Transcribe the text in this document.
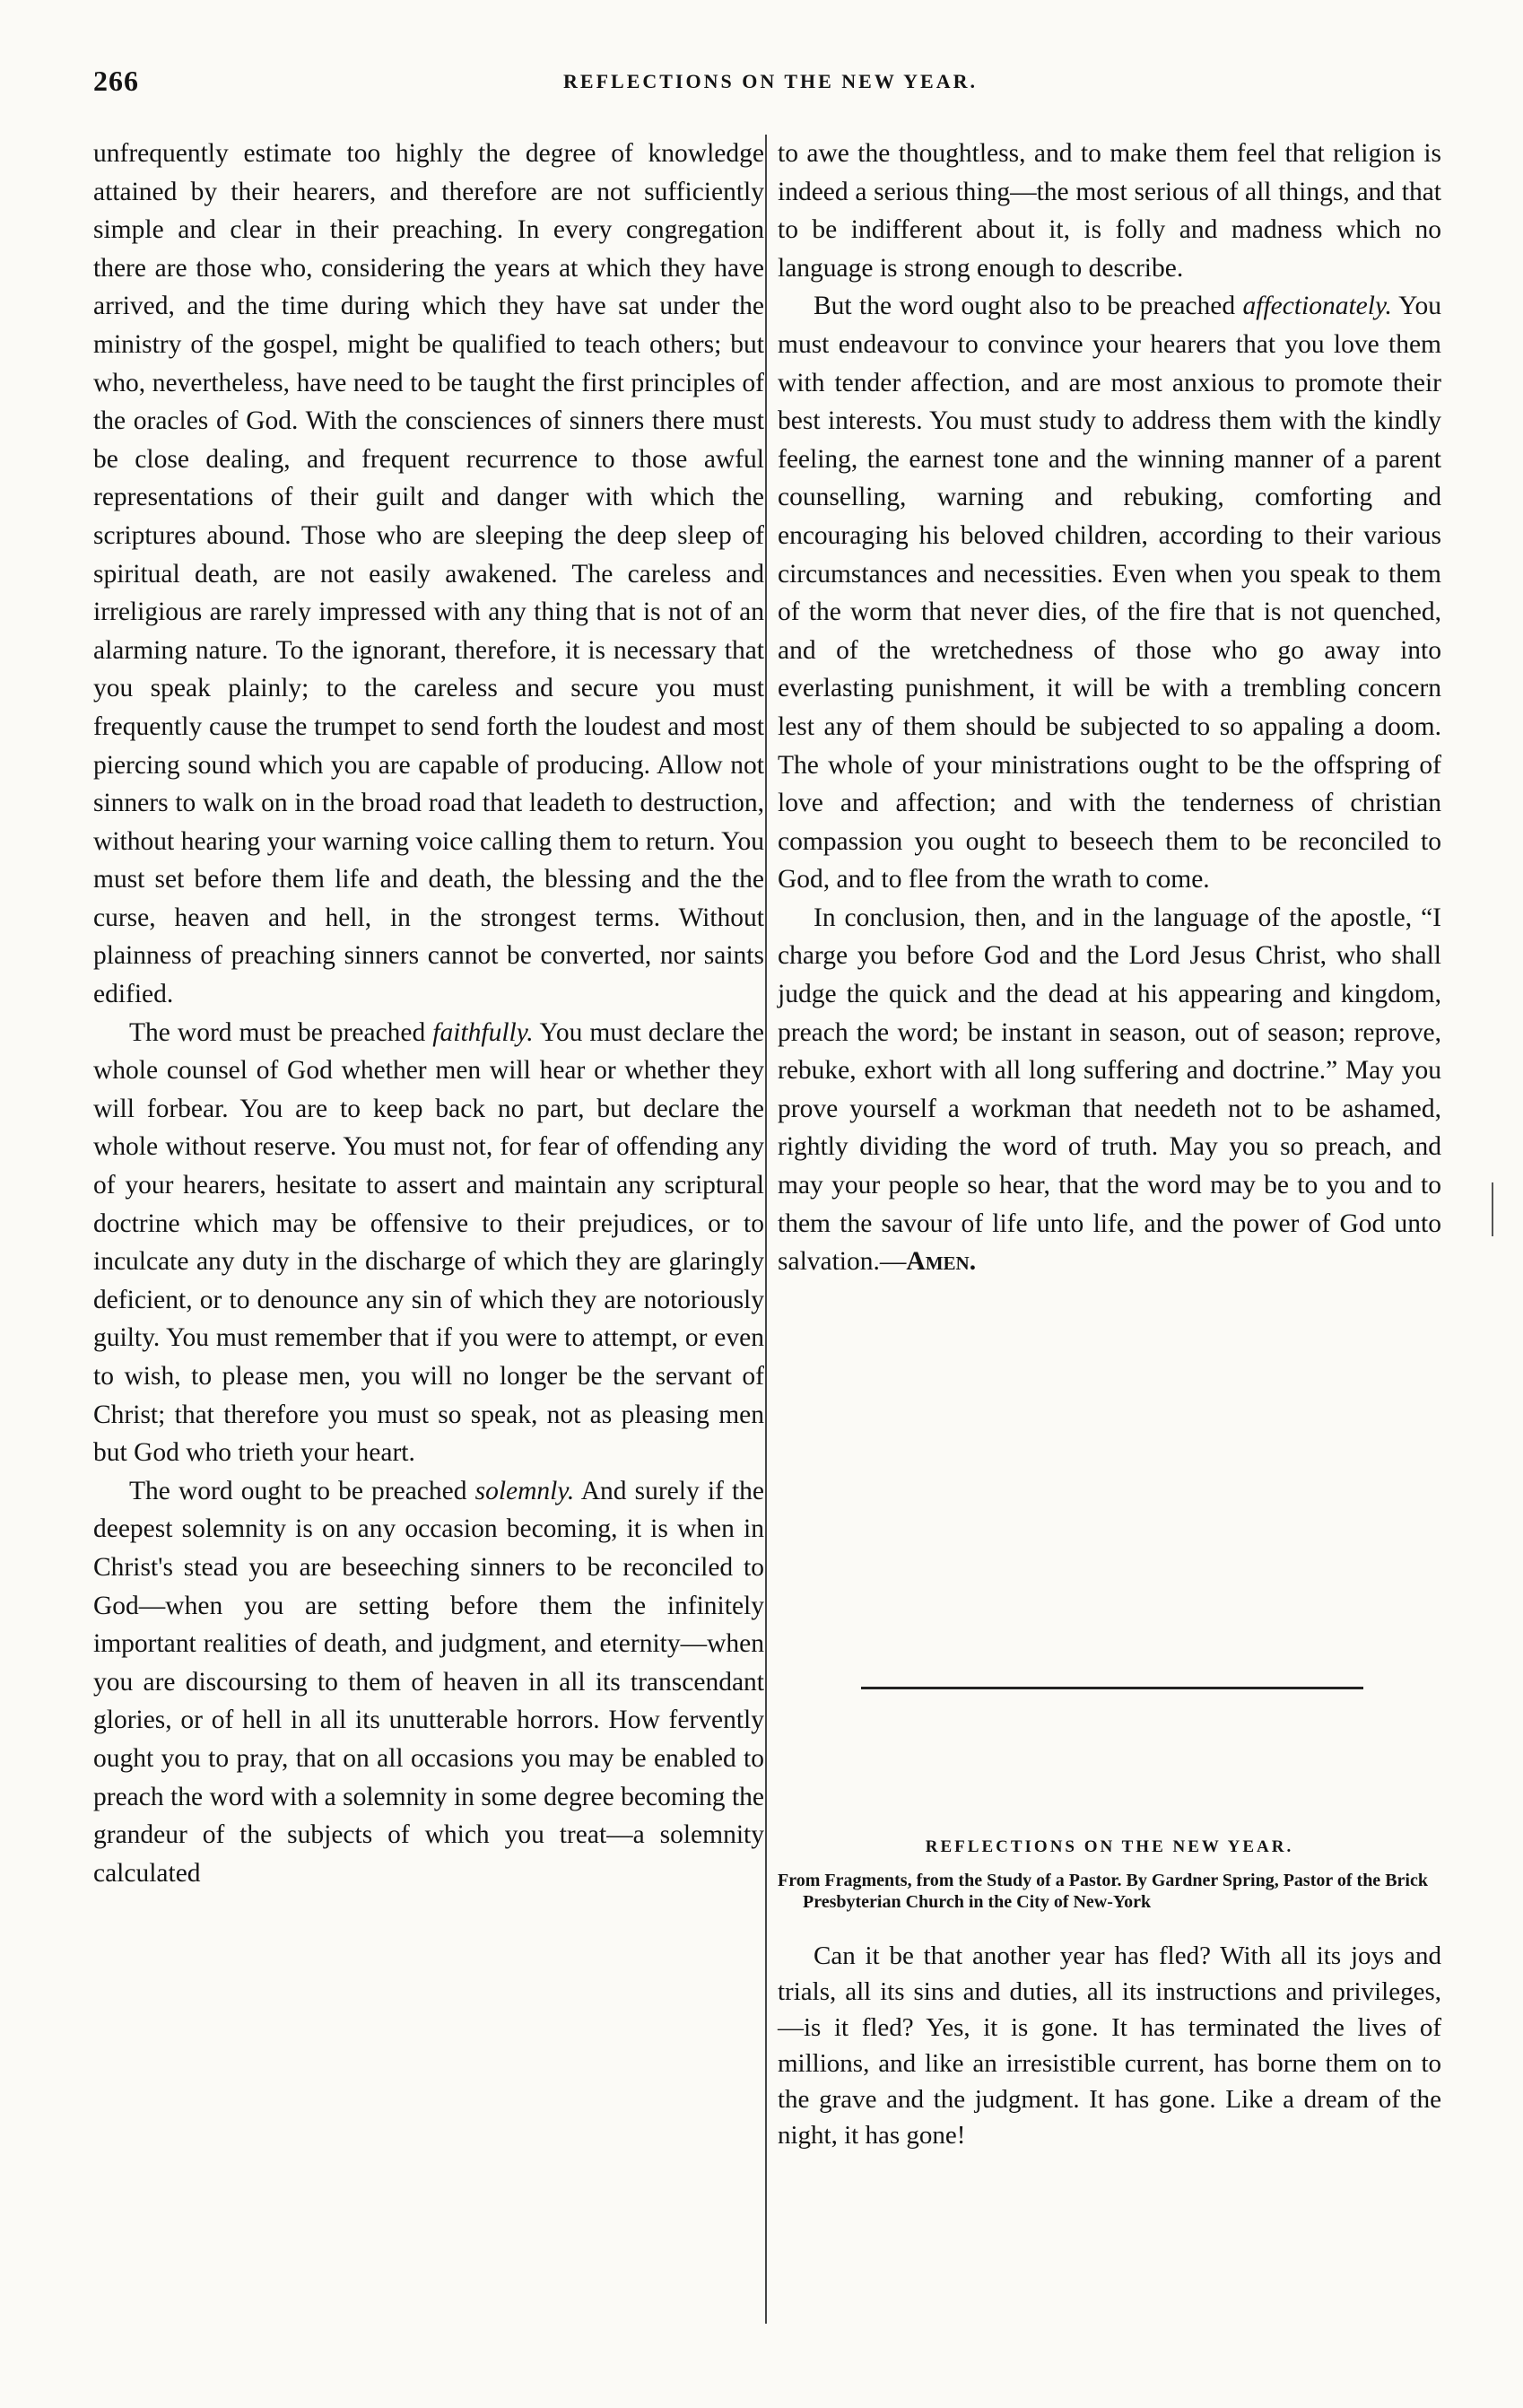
266	REFLECTIONS ON THE NEW YEAR.

unfrequently estimate too highly the degree of knowledge attained by their hearers, and therefore are not sufficiently simple and clear in their preaching. In every congregation there are those who, considering the years at which they have arrived, and the time during which they have sat under the ministry of the gospel, might be qualified to teach others; but who, nevertheless, have need to be taught the first principles of the oracles of God. With the consciences of sinners there must be close dealing, and frequent recurrence to those awful representations of their guilt and danger with which the scriptures abound. Those who are sleeping the deep sleep of spiritual death, are not easily awakened. The careless and irreligious are rarely impressed with any thing that is not of an alarming nature. To the ignorant, therefore, it is necessary that you speak plainly; to the careless and secure you must frequently cause the trumpet to send forth the loudest and most piercing sound which you are capable of producing. Allow not sinners to walk on in the broad road that leadeth to destruction, without hearing your warning voice calling them to return. You must set before them life and death, the blessing and the the curse, heaven and hell, in the strongest terms. Without plainness of preaching sinners cannot be converted, nor saints edified.

The word must be preached faithfully. You must declare the whole counsel of God whether men will hear or whether they will forbear. You are to keep back no part, but declare the whole without reserve. You must not, for fear of offending any of your hearers, hesitate to assert and maintain any scriptural doctrine which may be offensive to their prejudices, or to inculcate any duty in the discharge of which they are glaringly deficient, or to denounce any sin of which they are notoriously guilty. You must remember that if you were to attempt, or even to wish, to please men, you will no longer be the servant of Christ; that therefore you must so speak, not as pleasing men but God who trieth your heart.

The word ought to be preached solemnly. And surely if the deepest solemnity is on any occasion becoming, it is when in Christ's stead you are beseeching sinners to be reconciled to God—when you are setting before them the infinitely important realities of death, and judgment, and eternity—when you are discoursing to them of heaven in all its transcendant glories, or of hell in all its unutterable horrors. How fervently ought you to pray, that on all occasions you may be enabled to preach the word with a solemnity in some degree becoming the grandeur of the subjects of which you treat—a solemnity calculated

to awe the thoughtless, and to make them feel that religion is indeed a serious thing—the most serious of all things, and that to be indifferent about it, is folly and madness which no language is strong enough to describe.

But the word ought also to be preached affectionately. You must endeavour to convince your hearers that you love them with tender affection, and are most anxious to promote their best interests. You must study to address them with the kindly feeling, the earnest tone and the winning manner of a parent counselling, warning and rebuking, comforting and encouraging his beloved children, according to their various circumstances and necessities. Even when you speak to them of the worm that never dies, of the fire that is not quenched, and of the wretchedness of those who go away into everlasting punishment, it will be with a trembling concern lest any of them should be subjected to so appaling a doom. The whole of your ministrations ought to be the offspring of love and affection; and with the tenderness of christian compassion you ought to beseech them to be reconciled to God, and to flee from the wrath to come.

In conclusion, then, and in the language of the apostle, “I charge you before God and the Lord Jesus Christ, who shall judge the quick and the dead at his appearing and kingdom, preach the word; be instant in season, out of season; reprove, rebuke, exhort with all long suffering and doctrine.” May you prove yourself a workman that needeth not to be ashamed, rightly dividing the word of truth. May you so preach, and may your people so hear, that the word may be to you and to them the savour of life unto life, and the power of God unto salvation.—Amen.

REFLECTIONS ON THE NEW YEAR.
From Fragments, from the Study of a Pastor. By Gardner Spring, Pastor of the Brick Presbyterian Church in the City of New-York

Can it be that another year has fled? With all its joys and trials, all its sins and duties, all its instructions and privileges,—is it fled? Yes, it is gone. It has terminated the lives of millions, and like an irresistible current, has borne them on to the grave and the judgment. It has gone. Like a dream of the night, it has gone!
